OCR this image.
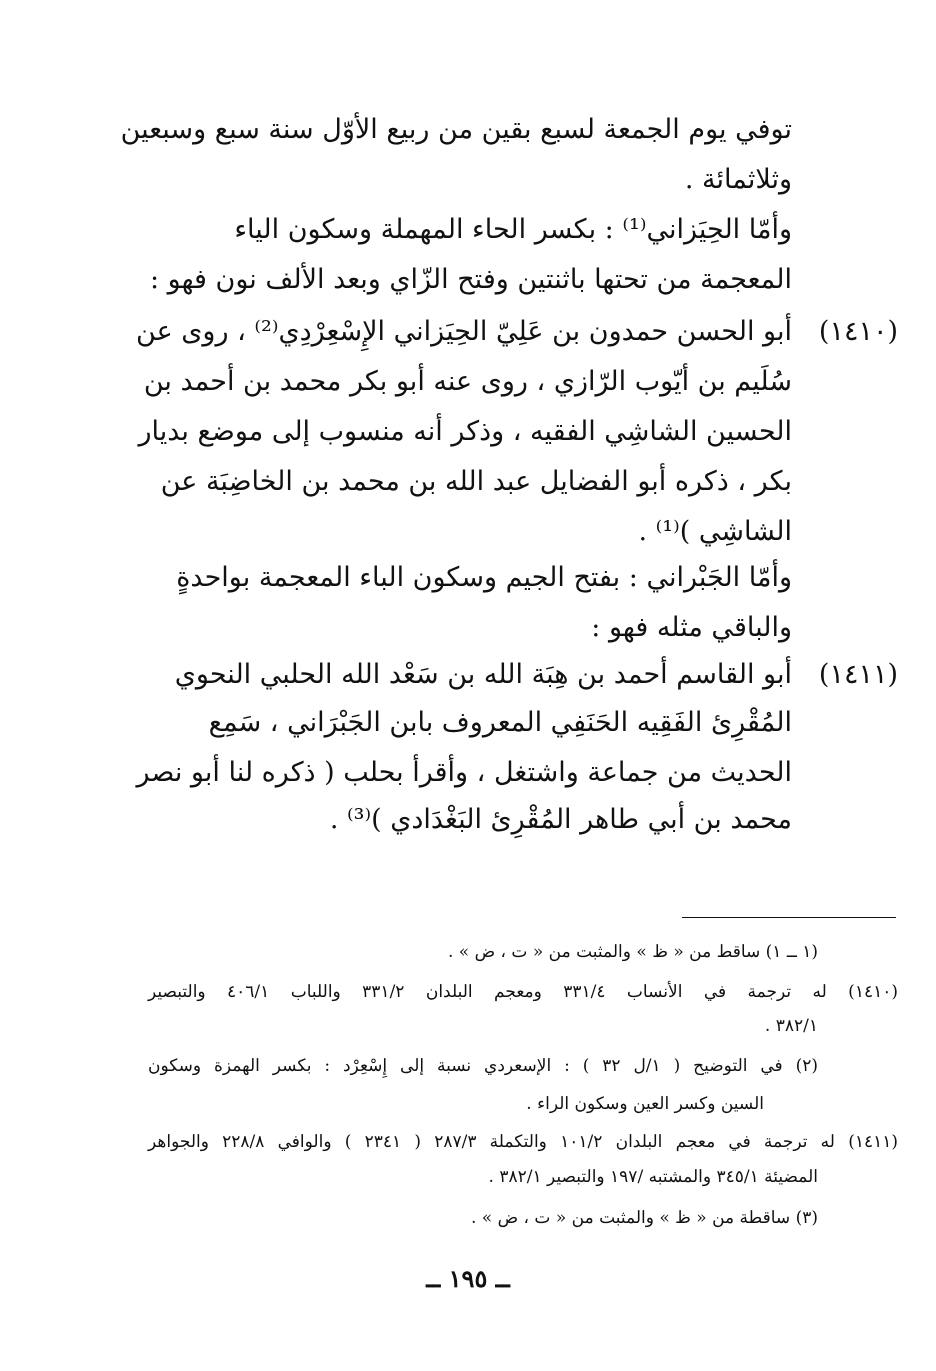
توفي يوم الجمعة لسبع بقين من ربيع الأوّل سنة سبع وسبعين
وثلاثمائة .
وأمّا الحِيَزاني⁽¹⁾ : بكسر الحاء المهملة وسكون الياء
المعجمة من تحتها باثنتين وفتح الزّاي وبعد الألف نون فهو :
(١٤١٠)
أبو الحسن حمدون بن عَلِيّ الحِيَزاني الإِسْعِرْدِي⁽²⁾ ، روى عن
سُلَيم بن أيّوب الرّازي ، روى عنه أبو بكر محمد بن أحمد بن
الحسين الشاشِي الفقيه ، وذكر أنه منسوب إلى موضع بديار
بكر ، ذكره أبو الفضايل عبد الله بن محمد بن الخاضِبَة عن
الشاشِي )⁽¹⁾ .
وأمّا الجَبْراني : بفتح الجيم وسكون الباء المعجمة بواحدةٍ
والباقي مثله فهو :
(١٤١١)
أبو القاسم أحمد بن هِبَة الله بن سَعْد الله الحلبي النحوي
المُقْرِئ الفَقِيه الحَنَفِي المعروف بابن الجَبْرَاني ، سَمِع
الحديث من جماعة واشتغل ، وأقرأ بحلب ( ذكره لنا أبو نصر
محمد بن أبي طاهر المُقْرِئ البَغْدَادي )⁽³⁾ .
(١ ــ ١) ساقط من « ظ » والمثبت من « ت ، ض » .
(١٤١٠) له ترجمة في الأنساب ٣٣١/٤ ومعجم البلدان ٣٣١/٢ واللباب ٤٠٦/١ والتبصير
٣٨٢/١ .
(٢) في التوضيح ( ١/ل ٣٢ ) : الإسعردي نسبة إلى إِسْعِرْد : بكسر الهمزة وسكون
السين وكسر العين وسكون الراء .
(١٤١١) له ترجمة في معجم البلدان ١٠١/٢ والتكملة ٢٨٧/٣ ( ٢٣٤١ ) والوافي ٢٢٨/٨ والجواهر
المضيئة ٣٤٥/١ والمشتبه /١٩٧ والتبصير ٣٨٢/١ .
(٣) ساقطة من « ظ » والمثبت من « ت ، ض » .
ــ ١٩٥ ــ
